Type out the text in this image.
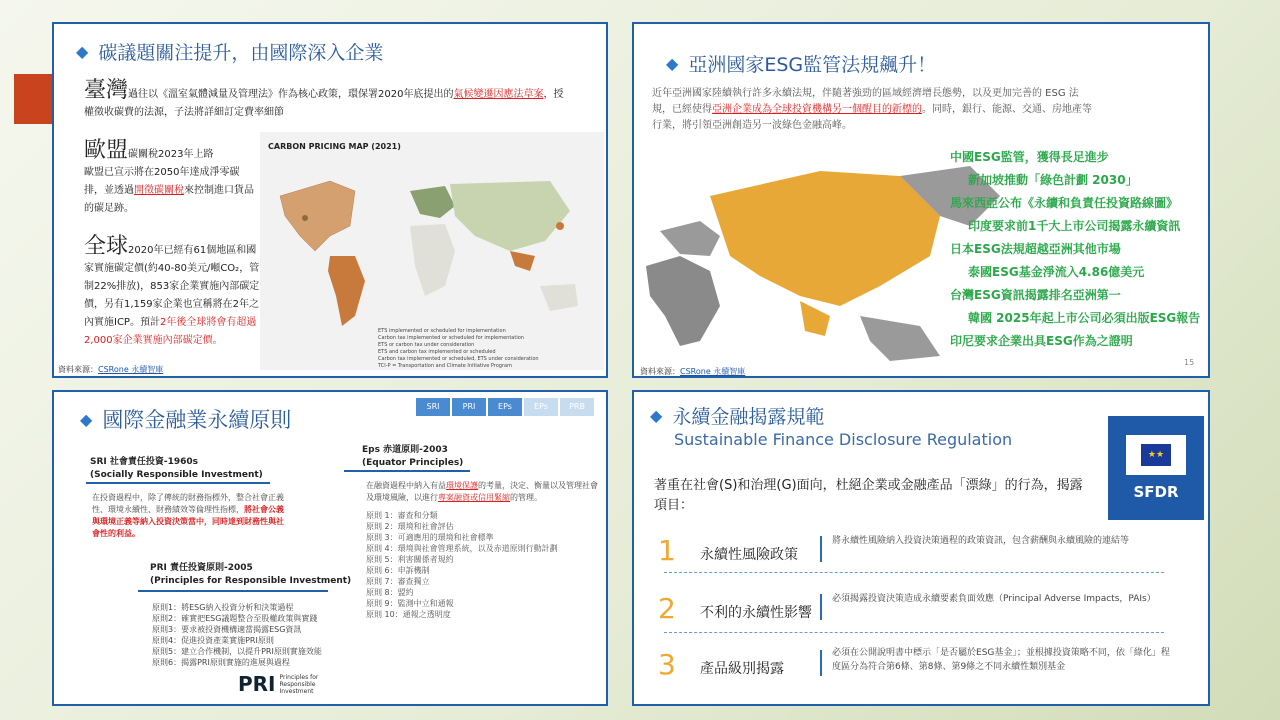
◆ 碳議題關注提升，由國際深入企業
臺灣過往以《溫室氣體減量及管理法》作為核心政策，環保署2020年底提出的氣候變遷因應法草案，授權徵收碳費的法源，子法將詳細訂定費率細節
歐盟碳關稅2023年上路
歐盟已宣示將在2050年達成淨零碳排，並透過開徵碳關稅來控制進口貨品的碳足跡。
全球2020年已經有61個地區和國家實施碳定價(約40-80美元/噸CO₂，管制22%排放)，853家企業實施內部碳定價，另有1,159家企業也宣稱將在2年之內實施ICP。預計2年後全球將會有超過2,000家企業實施內部碳定價。
CARBON PRICING MAP (2021)
ETS implemented or scheduled for implementation
Carbon tax implemented or scheduled for implementation
ETS or carbon tax under consideration
ETS and carbon tax implemented or scheduled
Carbon tax implemented or scheduled, ETS under consideration
TCI-P = Transportation and Climate Initiative Program
資料來源：CSRone 永續智庫
◆ 亞洲國家ESG監管法規飆升！
近年亞洲國家陸續執行許多永續法規，伴隨著強勁的區域經濟增長態勢，以及更加完善的 ESG 法規，已經使得亞洲企業成為全球投資機構另一個醒目的新標的。同時，銀行、能源、交通、房地產等行業，將引領亞洲創造另一波綠色金融高峰。
中國ESG監管，獲得長足進步
新加坡推動「綠色計劃 2030」
馬來西亞公布《永續和負責任投資路線圖》
印度要求前1千大上市公司揭露永續資訊
日本ESG法規超越亞洲其他市場
泰國ESG基金淨流入4.86億美元
台灣ESG資訊揭露排名亞洲第一
韓國 2025年起上市公司必須出版ESG報告
印尼要求企業出具ESG作為之證明
資料來源：CSRone 永續智庫
15
◆ 國際金融業永續原則
SRI	PRI	EPs	EPs	PRB
SRI 社會責任投資-1960s
(Socially Responsible Investment)
在投資過程中，除了傳統的財務指標外，整合社會正義性、環境永續性、財務績效等倫理性指標，將社會公義與環境正義等納入投資決策當中，同時達到財務性與社會性的利益。
Eps 赤道原則-2003
(Equator Principles)
在融資過程中納入有益環境保護的考量，決定、衡量以及管理社會及環境風險，以進行專案融資或信用緊縮的管理。
原則 1：審查和分類
原則 2：環境和社會評估
原則 3：可適應用的環境和社會標準
原則 4：環境與社會管理系統，以及赤道原則行動計劃
原則 5：利害關係者規約
原則 6：申訴機制
原則 7：審查獨立
原則 8：盟約
原則 9：監測中立和通報
原則 10：通報之透明度
PRI 責任投資原則-2005
(Principles for Responsible Investment)
原則1：將ESG納入投資分析和決策過程
原則2：確實把ESG議題整合至股權政策與實踐
原則3：要求被投資機構適當揭露ESG資訊
原則4：促進投資產業實施PRI原則
原則5：建立合作機制，以提升PRI原則實施效能
原則6：揭露PRI原則實施的進展與過程
PRI Principles for Responsible Investment
◆ 永續金融揭露規範
Sustainable Finance Disclosure Regulation
★★
SFDR
著重在社會(S)和治理(G)面向，杜絕企業或金融產品「漂綠」的行為，揭露項目：
1 永續性風險政策
將永續性風險納入投資決策過程的政策資訊，包含薪酬與永續風險的連結等
2 不利的永續性影響
必須揭露投資決策造成永續要素負面效應（Principal Adverse Impacts，PAIs）
3 產品級別揭露
必須在公開說明書中標示「是否屬於ESG基金」；並根據投資策略不同，依「綠化」程度區分為符合第6條、第8條、第9條之不同永續性類別基金
